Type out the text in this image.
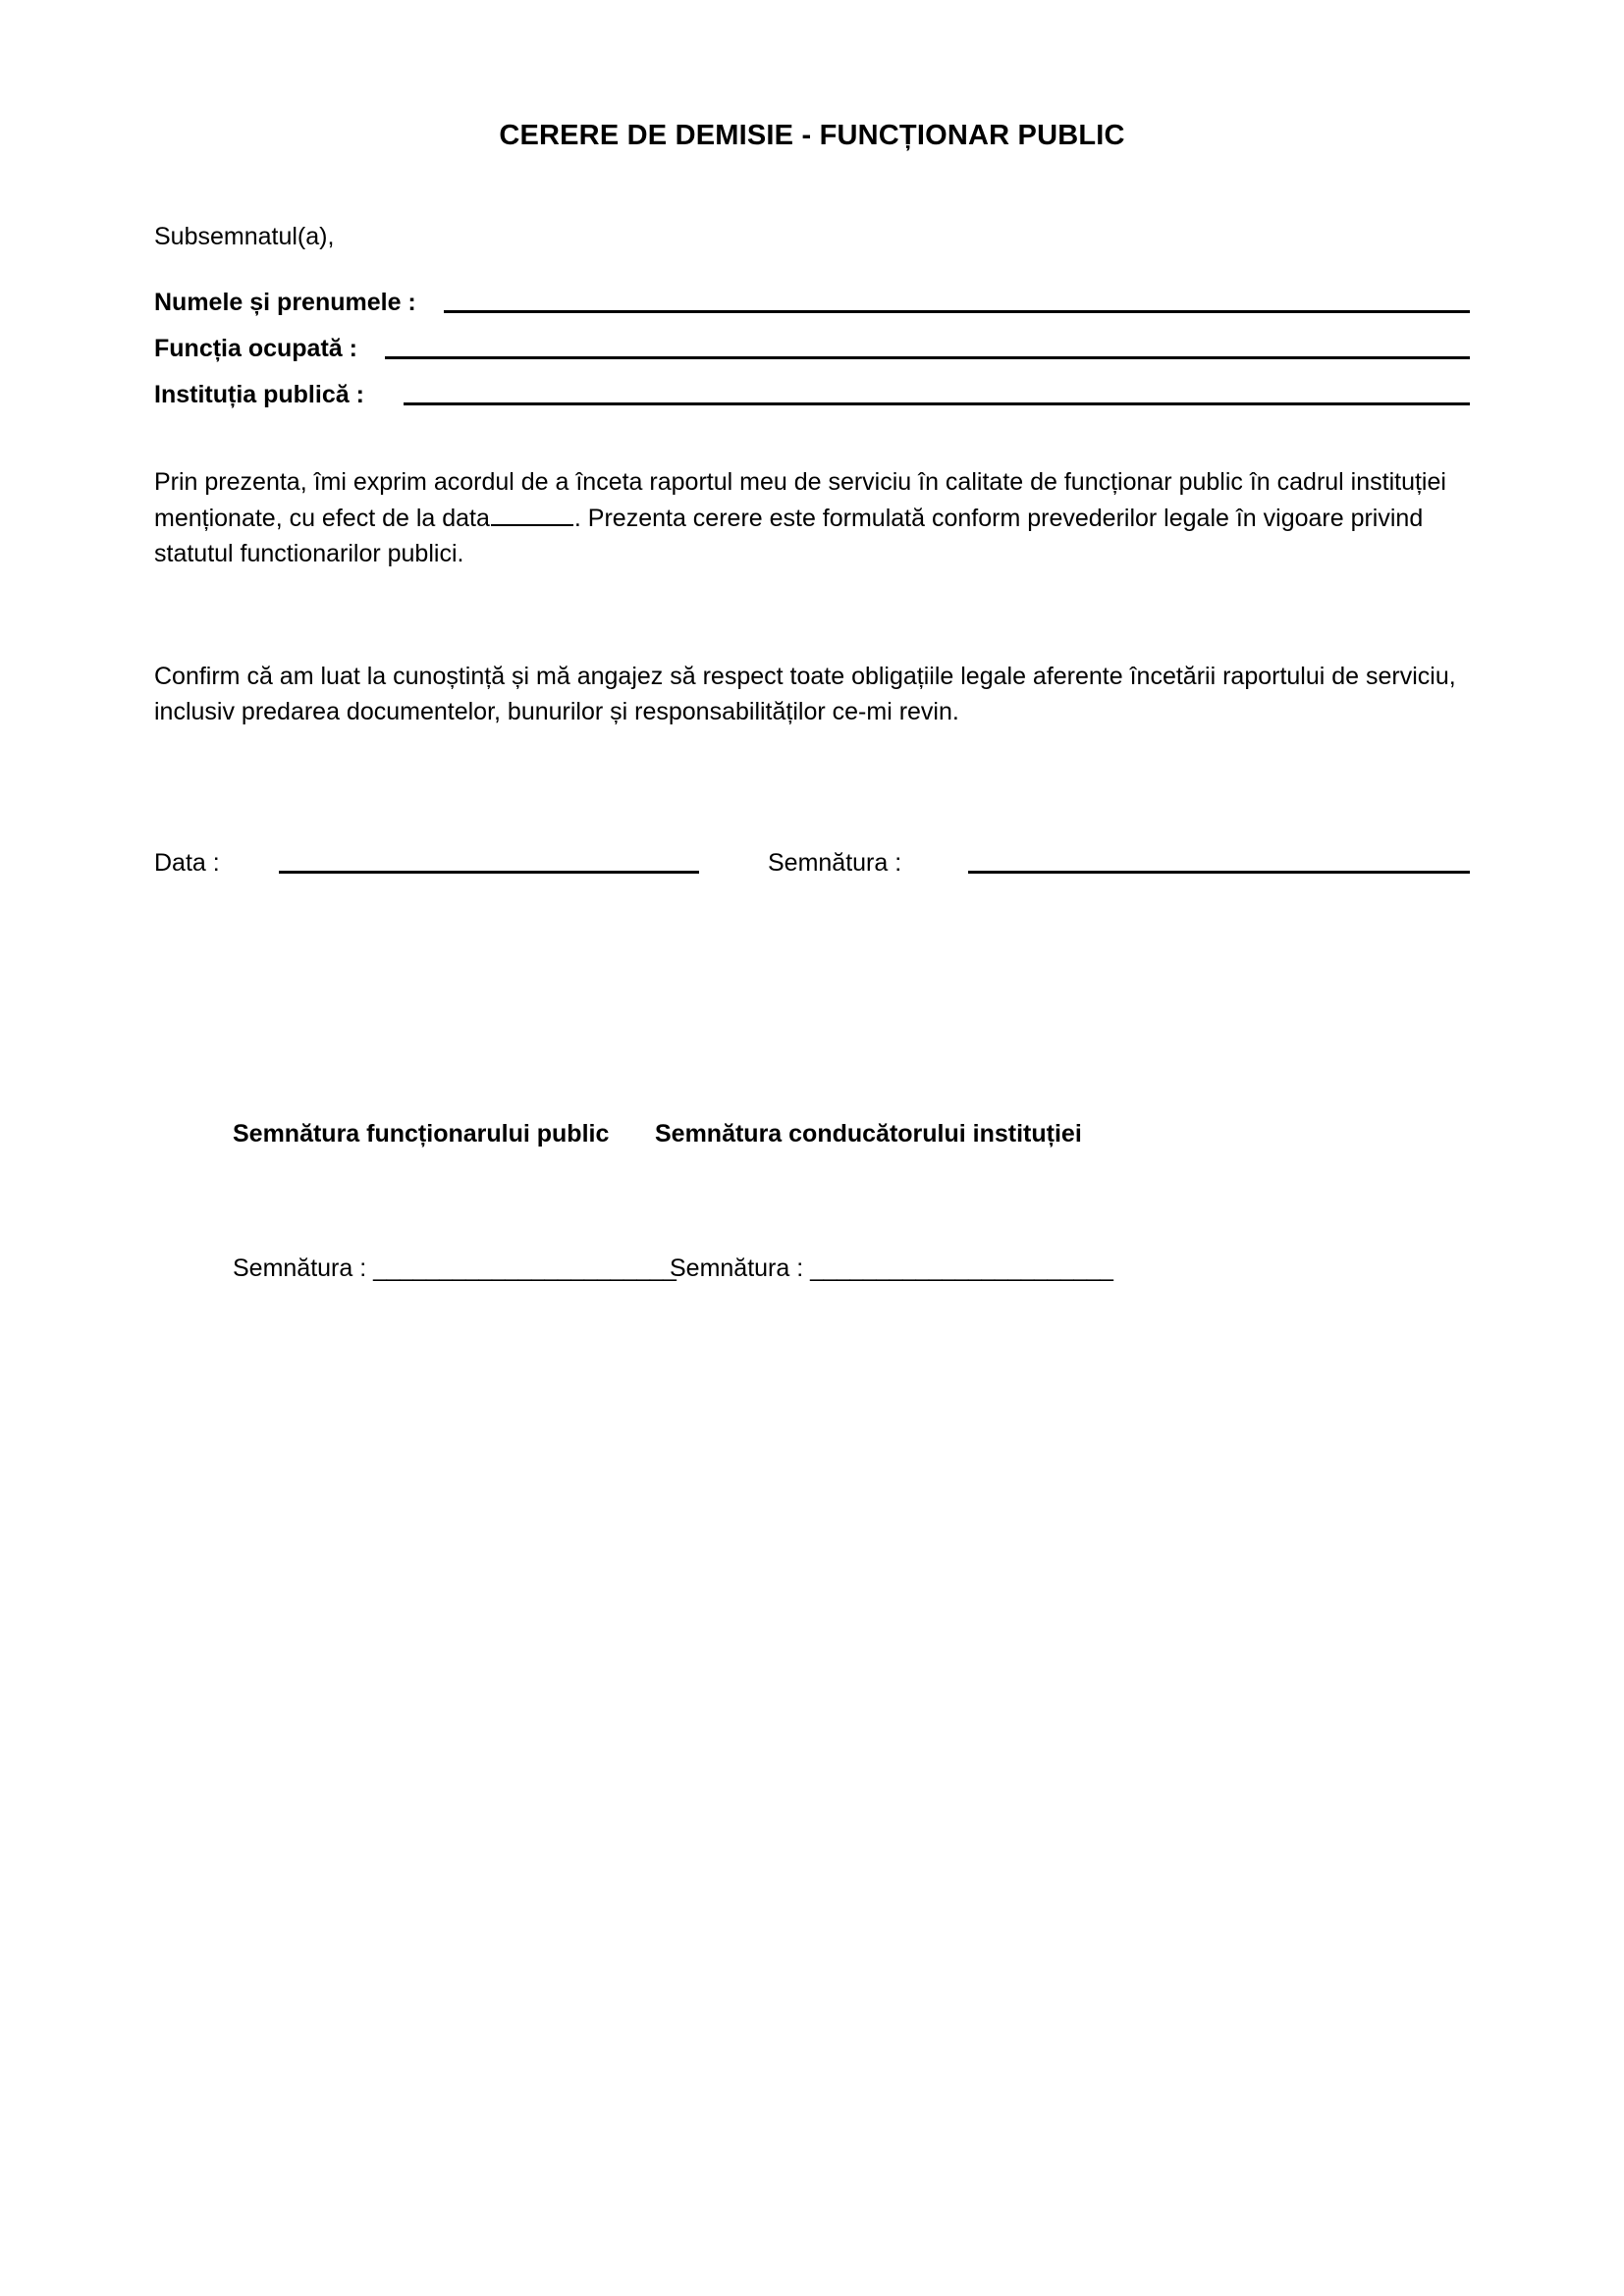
CERERE DE DEMISIE - FUNCȚIONAR PUBLIC

Subsemnatul(a),

Numele și prenumele :
Funcția ocupată :
Instituția publică :

Prin prezenta, îmi exprim acordul de a înceta raportul meu de serviciu în calitate de funcționar public în cadrul instituției menționate, cu efect de la data	. Prezenta cerere este formulată conform prevederilor legale în vigoare privind statutul functionarilor publici.

Confirm că am luat la cunoștință și mă angajez să respect toate obligațiile legale aferente încetării raportului de serviciu, inclusiv predarea documentelor, bunurilor și responsabilităților ce-mi revin.

Data :	Semnătura :
Semnătura funcționarului public	Semnătura conducătorului instituției
Semnătura : _______________________
Semnătura : _______________________
